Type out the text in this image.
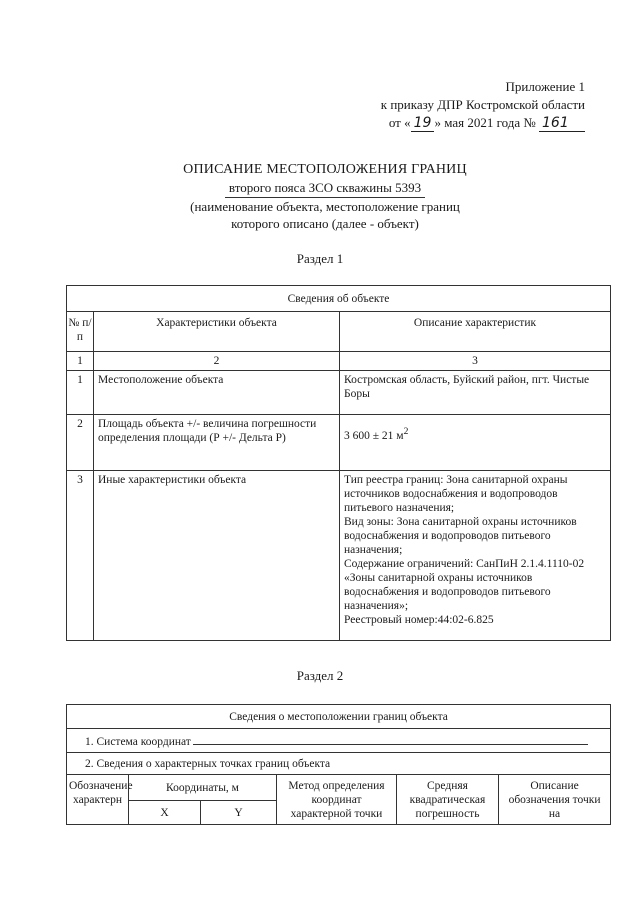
Приложение 1
к приказу ДПР Костромской области
от « 19 » мая 2021 года № 161
ОПИСАНИЕ МЕСТОПОЛОЖЕНИЯ ГРАНИЦ
второго пояса ЗСО скважины 5393
(наименование объекта, местоположение границ
которого описано (далее - объект)
Раздел 1
Сведения об объекте		
№ п/п	Характеристики объекта	Описание характеристик
1	2	3
1	Местоположение объекта	Костромская область, Буйский район, пгт. Чистые Боры
2	Площадь объекта +/- величина погрешности определения площади (Р +/- Дельта Р)	3 600 ± 21 $м^2$
3	Иные характеристики объекта	Тип реестра границ: Зона санитарной охраны источников водоснабжения и водопроводов питьевого назначения;
Вид зоны: Зона санитарной охраны источников водоснабжения и водопроводов питьевого назначения;
Содержание ограничений: СанПиН 2.1.4.1110-02 «Зоны санитарной охраны источников водоснабжения и водопроводов питьевого назначения»;
Реестровый номер:44:02-6.825
Раздел 2
Сведения о местоположении границ объекта					
1. Система координат					
2. Сведения о характерных точках границ объекта					
Обозначение характерн	Координаты, м		Метод определения координат характерной точки	Средняя квадратическая погрешность	Описание обозначения точки на
	X	Y			
